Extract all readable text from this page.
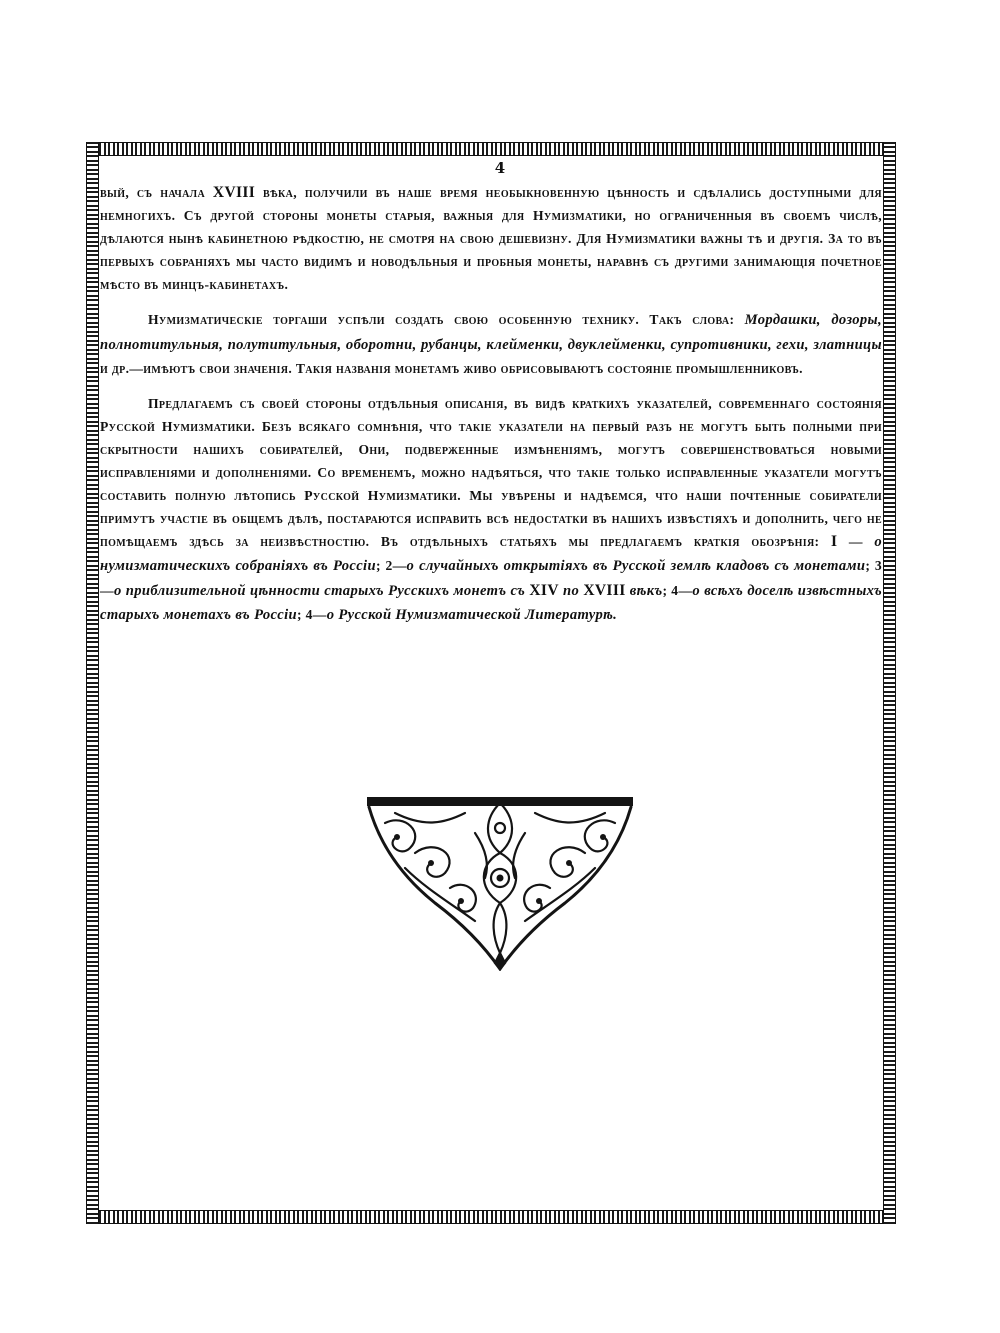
4

вый, съ начала XVIII вѣка, получили въ наше время необыкновенную цѣнность и сдѣлались доступными для немногихъ. Съ другой стороны монеты старыя, важныя для Нумизматики, но ограниченныя въ своемъ числѣ, дѣлаются нынѣ кабинетною рѣдкостію, не смотря на свою дешевизну. Для Нумизматики важны тѣ и другія. За то въ первыхъ собраніяхъ мы часто видимъ и новодѣльныя и пробныя монеты, наравнѣ съ другими занимающія почетное мѣсто въ минцъ-кабинетахъ.

Нумизматическіе торгаши успѣли создать свою особенную технику. Такъ слова: Мордашки, дозоры, полнотитульныя, полутитульныя, оборотни, рубанцы, клейменки, двуклейменки, супротивники, гехи, златницы и др.—имѣютъ свои значенія. Такія названія монетамъ живо обрисовываютъ состояніе промышленниковъ.

Предлагаемъ съ своей стороны отдѣльныя описанія, въ видѣ краткихъ указателей, современнаго состоянія Русской Нумизматики. Безъ всякаго сомнѣнія, что такіе указатели на первый разъ не могутъ быть полными при скрытности нашихъ собирателей, Они, подверженные измѣненіямъ, могутъ совершенствоваться новыми исправленіями и дополненіями. Со временемъ, можно надѣяться, что такіе только исправленные указатели могутъ составить полную лѣтопись Русской Нумизматики. Мы увѣрены и надѣемся, что наши почтенные собиратели примутъ участіе въ общемъ дѣлѣ, постараются исправить всѣ недостатки въ нашихъ извѣстіяхъ и дополнить, чего не помѣщаемъ здѣсь за неизвѣстностію. Въ отдѣльныхъ статьяхъ мы предлагаемъ краткія обозрѣнія: I — о нумизматическихъ собраніяхъ въ Россіи; 2—о случайныхъ открытіяхъ въ Русской землѣ кладовъ съ монетами; 3—о приблизительной цѣнности старыхъ Русскихъ монетъ съ XIV по XVIII вѣкъ; 4—о всѣхъ доселѣ извѣстныхъ старыхъ монетахъ въ Россіи; 4—о Русской Нумизматической Литературѣ.
